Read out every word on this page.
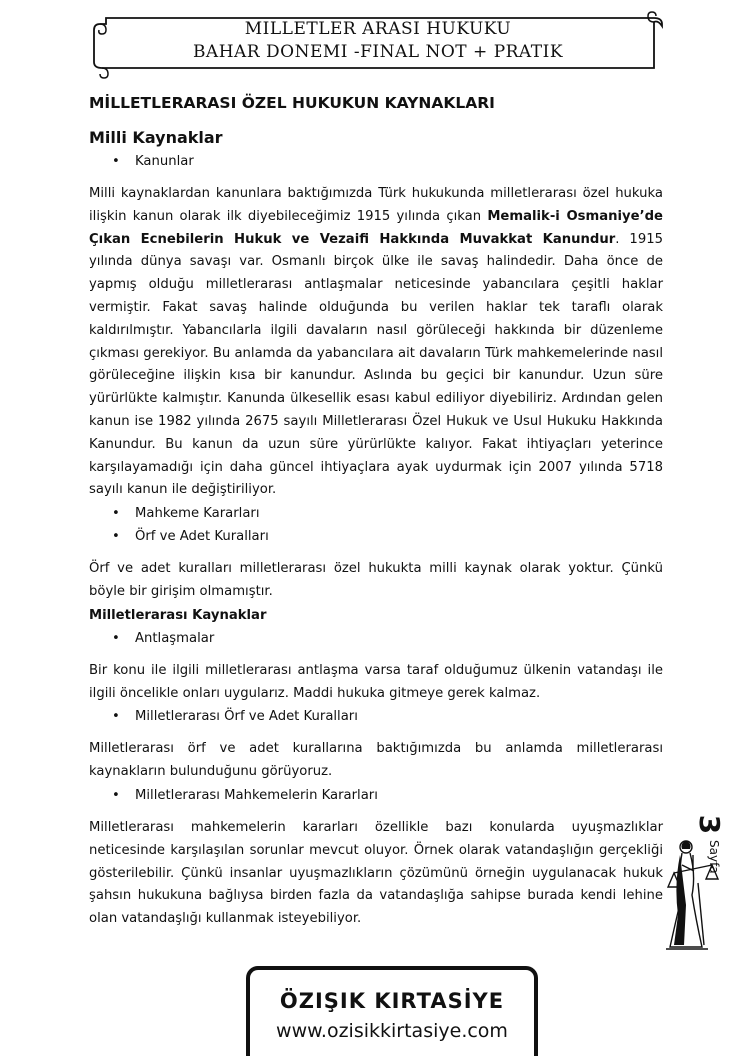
MILLETLER ARASI HUKUKU
BAHAR DONEMI -FINAL NOT + PRATIK
MİLLETLERARASI ÖZEL HUKUKUN KAYNAKLARI
Milli Kaynaklar
• Kanunlar

Milli kaynaklardan kanunlara baktığımızda Türk hukukunda milletlerarası özel hukuka ilişkin kanun olarak ilk diyebileceğimiz 1915 yılında çıkan Memalik-i Osmaniye’de Çıkan Ecnebilerin Hukuk ve Vezaifi Hakkında Muvakkat Kanundur. 1915 yılında dünya savaşı var. Osmanlı birçok ülke ile savaş halindedir. Daha önce de yapmış olduğu milletlerarası antlaşmalar neticesinde yabancılara çeşitli haklar vermiştir. Fakat savaş halinde olduğunda bu verilen haklar tek taraflı olarak kaldırılmıştır. Yabancılarla ilgili davaların nasıl görüleceği hakkında bir düzenleme çıkması gerekiyor. Bu anlamda da yabancılara ait davaların Türk mahkemelerinde nasıl görüleceğine ilişkin kısa bir kanundur. Aslında bu geçici bir kanundur. Uzun süre yürürlükte kalmıştır. Kanunda ülkesellik esası kabul ediliyor diyebiliriz. Ardından gelen kanun ise 1982 yılında 2675 sayılı Milletlerarası Özel Hukuk ve Usul Hukuku Hakkında Kanundur. Bu kanun da uzun süre yürürlükte kalıyor. Fakat ihtiyaçları yeterince karşılayamadığı için daha güncel ihtiyaçlara ayak uydurmak için 2007 yılında 5718 sayılı kanun ile değiştiriliyor.

• Mahkeme Kararları
• Örf ve Adet Kuralları

Örf ve adet kuralları milletlerarası özel hukukta milli kaynak olarak yoktur. Çünkü böyle bir girişim olmamıştır.

Milletlerarası Kaynaklar
• Antlaşmalar

Bir konu ile ilgili milletlerarası antlaşma varsa taraf olduğumuz ülkenin vatandaşı ile ilgili öncelikle onları uygularız. Maddi hukuka gitmeye gerek kalmaz.

• Milletlerarası Örf ve Adet Kuralları

Milletlerarası örf ve adet kurallarına baktığımızda bu anlamda milletlerarası kaynakların bulunduğunu görüyoruz.

• Milletlerarası Mahkemelerin Kararları

Milletlerarası mahkemelerin kararları özellikle bazı konularda uyuşmazlıklar neticesinde karşılaşılan sorunlar mevcut oluyor. Örnek olarak vatandaşlığın gerçekliği gösterilebilir. Çünkü insanlar uyuşmazlıkların çözümünü örneğin uygulanacak hukuk şahsın hukukuna bağlıysa birden fazla da vatandaşlığa sahipse burada kendi lehine olan vatandaşlığı kullanmak isteyebiliyor.

Sayfa
3
ÖZIŞIK KIRTASİYE
www.ozisikkirtasiye.com
